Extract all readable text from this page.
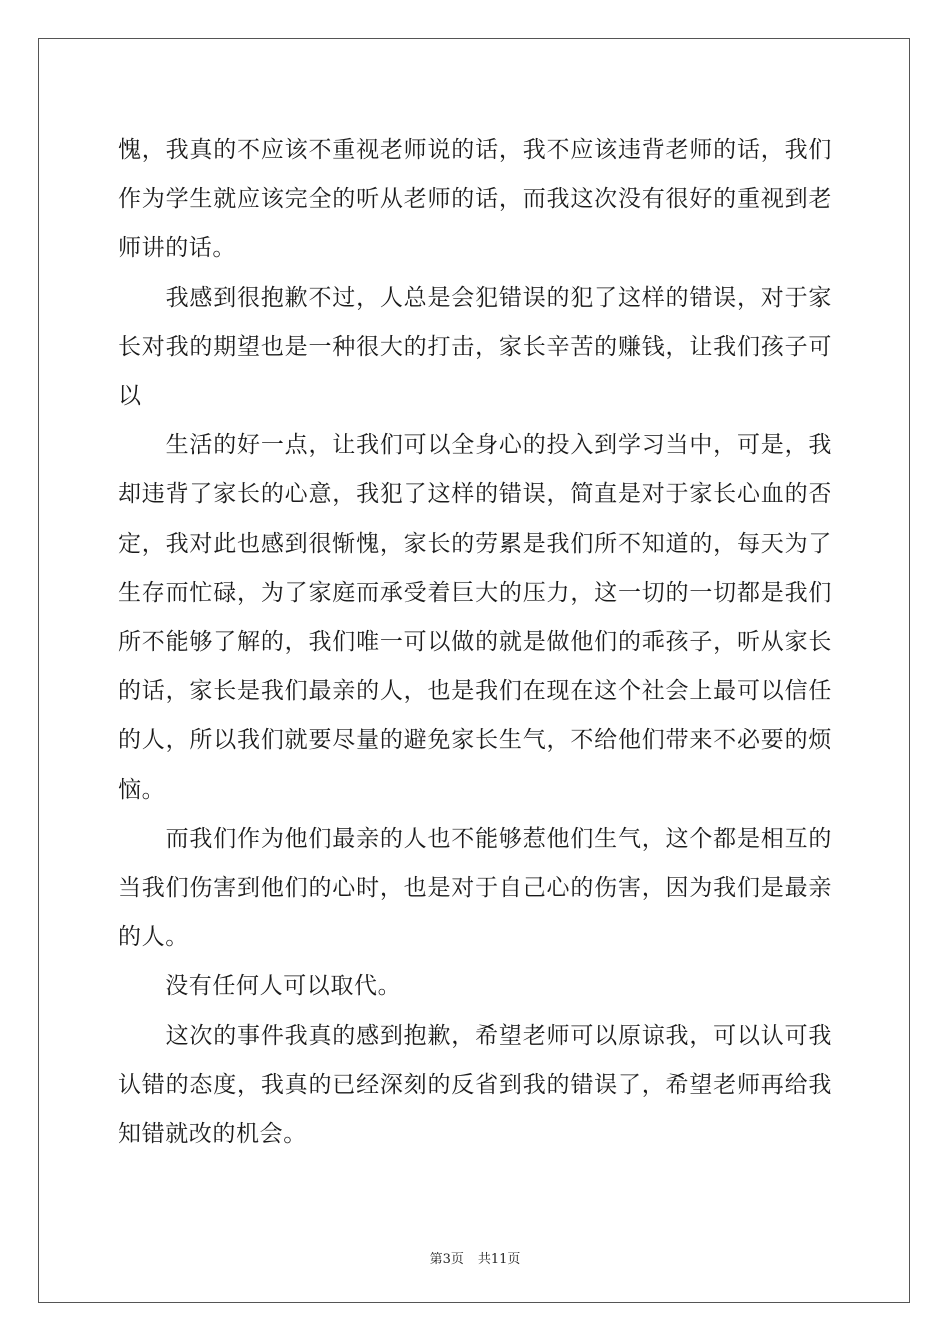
愧，我真的不应该不重视老师说的话，我不应该违背老师的话，我们作为学生就应该完全的听从老师的话，而我这次没有很好的重视到老师讲的话。

　　我感到很抱歉不过，人总是会犯错误的犯了这样的错误，对于家长对我的期望也是一种很大的打击，家长辛苦的赚钱，让我们孩子可以

　　生活的好一点，让我们可以全身心的投入到学习当中，可是，我却违背了家长的心意，我犯了这样的错误，简直是对于家长心血的否定，我对此也感到很惭愧，家长的劳累是我们所不知道的，每天为了生存而忙碌，为了家庭而承受着巨大的压力，这一切的一切都是我们所不能够了解的，我们唯一可以做的就是做他们的乖孩子，听从家长的话，家长是我们最亲的人，也是我们在现在这个社会上最可以信任的人，所以我们就要尽量的避免家长生气，不给他们带来不必要的烦恼。

　　而我们作为他们最亲的人也不能够惹他们生气，这个都是相互的当我们伤害到他们的心时，也是对于自己心的伤害，因为我们是最亲的人。

　　没有任何人可以取代。

　　这次的事件我真的感到抱歉，希望老师可以原谅我，可以认可我认错的态度，我真的已经深刻的反省到我的错误了，希望老师再给我知错就改的机会。

第3页 共11页
